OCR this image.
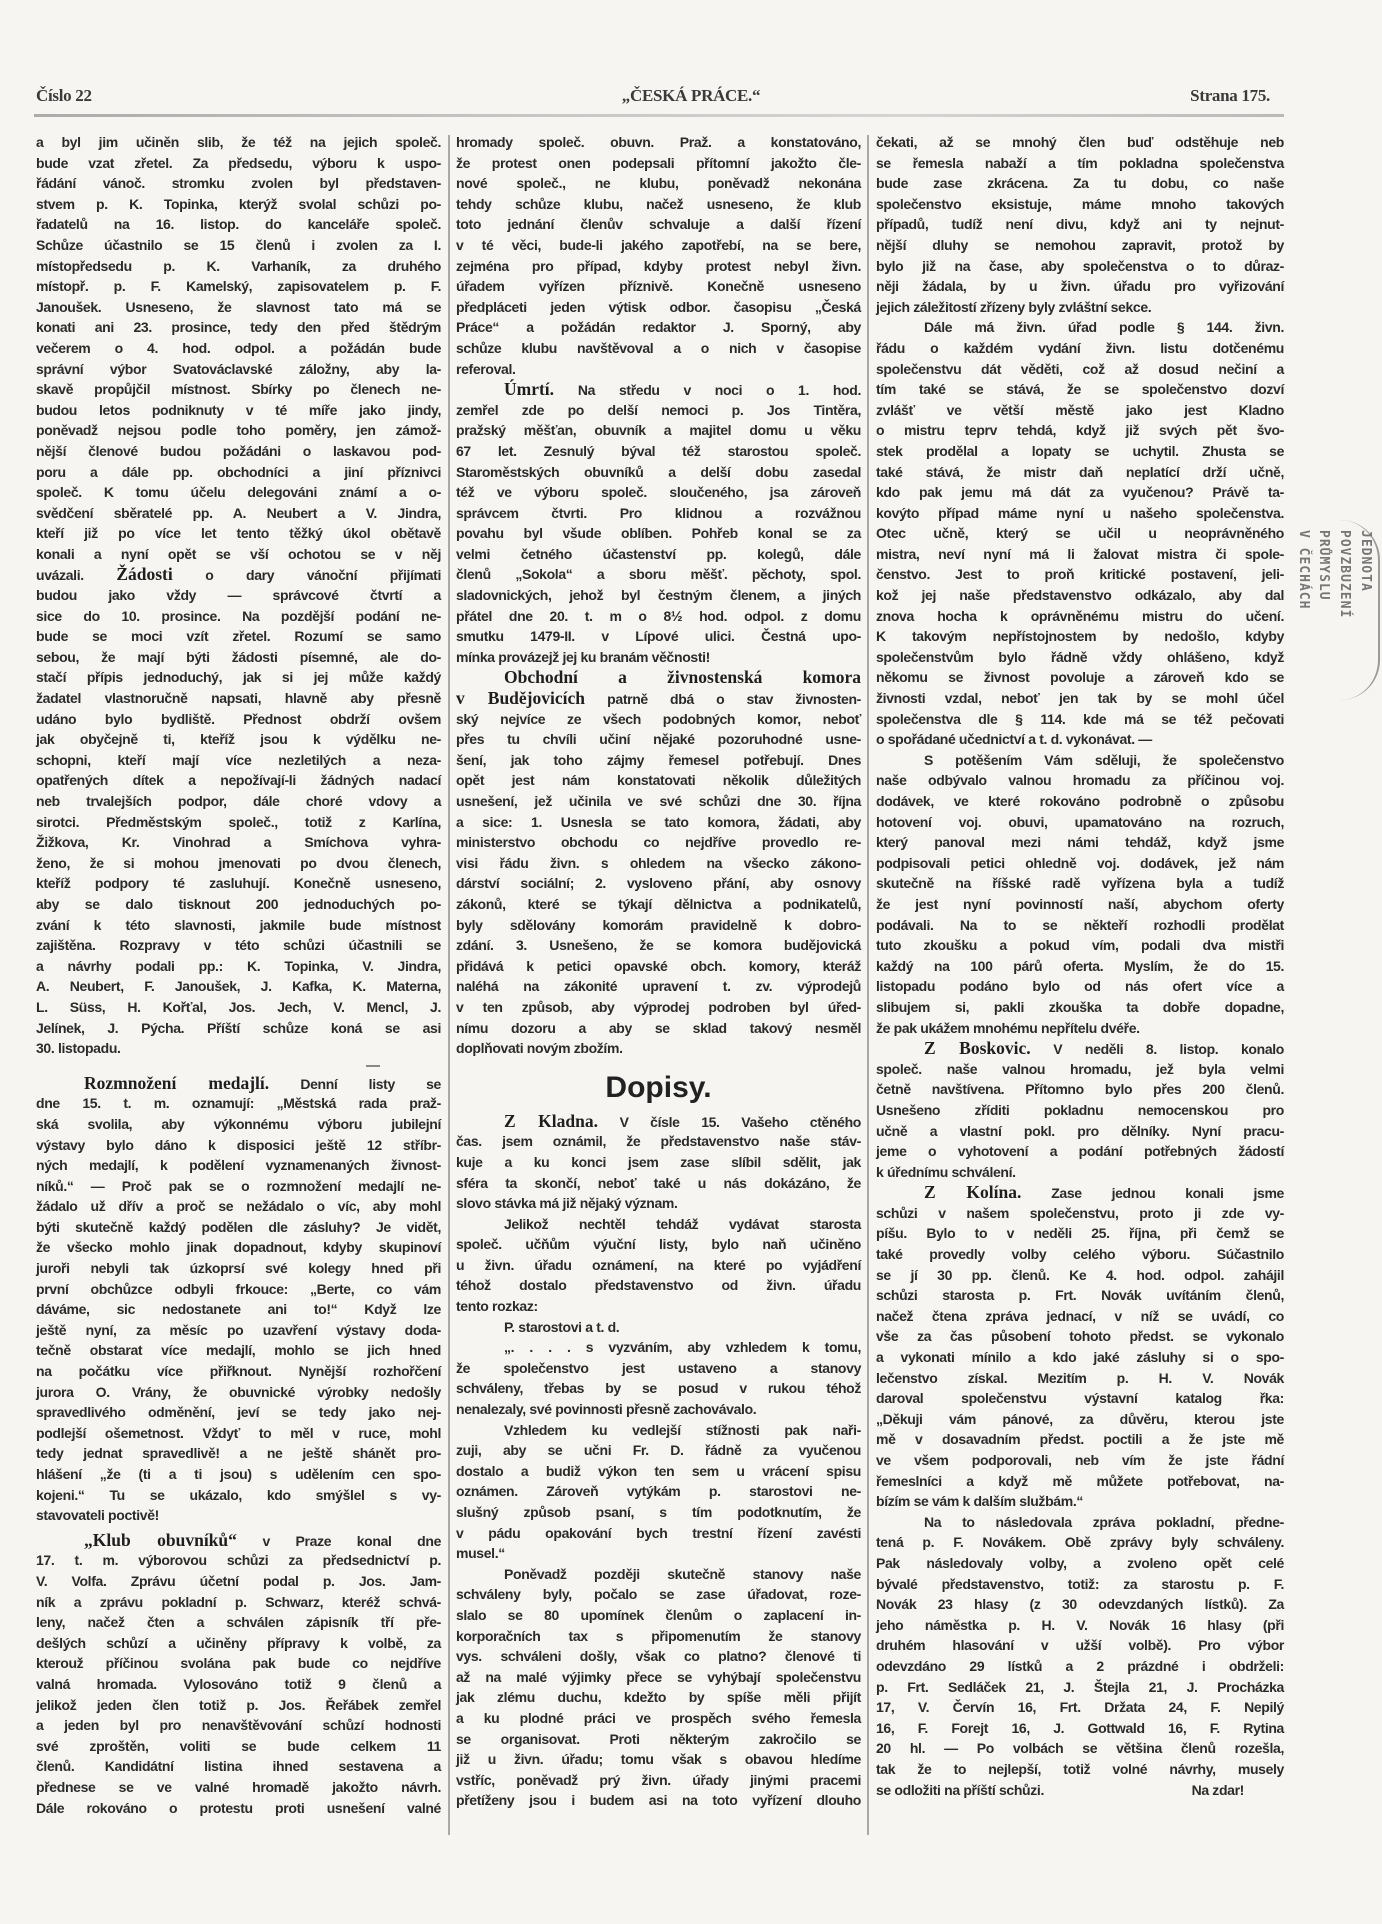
Číslo 22	„ČESKÁ PRÁCE.“	Strana 175.
a byl jim učiněn slib, že též na jejich společ.
bude vzat zřetel. Za předsedu, výboru k uspo-
řádání vánoč. stromku zvolen byl představen-
stvem p. K. Topinka, kterýž svolal schůzi po-
řadatelů na 16. listop. do kanceláře společ.
Schůze účastnilo se 15 členů i zvolen za I.
místopředsedu p. K. Varhaník, za druhého
místopř. p. F. Kamelský, zapisovatelem p. F.
Janoušek. Usneseno, že slavnost tato má se
konati ani 23. prosince, tedy den před štědrým
večerem o 4. hod. odpol. a požádán bude
správní výbor Svatováclavské záložny, aby la-
skavě propůjčil místnost. Sbírky po členech ne-
budou letos podniknuty v té míře jako jindy,
poněvadž nejsou podle toho poměry, jen zámož-
nější členové budou požádáni o laskavou pod-
poru a dále pp. obchodníci a jiní příznivci
společ. K tomu účelu delegováni známí a o-
svědčení sběratelé pp. A. Neubert a V. Jindra,
kteří již po více let tento těžký úkol obětavě
konali a nyní opět se vší ochotou se v něj
uvázali. Žádosti o dary vánoční přijímati
budou jako vždy — správcové čtvrtí a
sice do 10. prosince. Na pozdější podání ne-
bude se moci vzít zřetel. Rozumí se samo
sebou, že mají býti žádosti písemné, ale do-
stačí přípis jednoduchý, jak si jej může každý
žadatel vlastnoručně napsati, hlavně aby přesně
udáno bylo bydliště. Přednost obdrží ovšem
jak obyčejně ti, kteříž jsou k výdělku ne-
schopni, kteří mají více nezletilých a neza-
opatřených dítek a nepožívají-li žádných nadací
neb trvalejších podpor, dále choré vdovy a
sirotci. Předměstským společ., totiž z Karlína,
Žižkova, Kr. Vinohrad a Smíchova vyhra-
ženo, že si mohou jmenovati po dvou členech,
kteříž podpory té zasluhují. Konečně usneseno,
aby se dalo tisknout 200 jednoduchých po-
zvání k této slavnosti, jakmile bude místnost
zajištěna. Rozpravy v této schůzi účastnili se
a návrhy podali pp.: K. Topinka, V. Jindra,
A. Neubert, F. Janoušek, J. Kafka, K. Materna,
L. Süss, H. Kořťal, Jos. Jech, V. Mencl, J.
Jelínek, J. Pýcha. Příští schůze koná se asi
30. listopadu.
Rozmnožení medajlí. Denní listy se
dne 15. t. m. oznamují: „Městská rada praž-
ská svolila, aby výkonnému výboru jubilejní
výstavy bylo dáno k disposici ještě 12 stříbr-
ných medajlí, k podělení vyznamenaných živnost-
níků.“ — Proč pak se o rozmnožení medajlí ne-
žádalo už dřív a proč se nežádalo o víc, aby mohl
býti skutečně každý podělen dle zásluhy? Je vidět,
že všecko mohlo jinak dopadnout, kdyby skupinoví
juroři nebyli tak úzkoprsí své kolegy hned při
první obchůzce odbyli frkouce: „Berte, co vám
dáváme, sic nedostanete ani to!“ Když lze
ještě nyní, za měsíc po uzavření výstavy doda-
tečně obstarat více medajlí, mohlo se jich hned
na počátku více přiřknout. Nynější rozhořčení
jurora O. Vrány, že obuvnické výrobky nedošly
spravedlivého odměnění, jeví se tedy jako nej-
podlejší ošemetnost. Vždyť to měl v ruce, mohl
tedy jednat spravedlivě! a ne ještě shánět pro-
hlášení „že (ti a ti jsou) s udělením cen spo-
kojeni.“ Tu se ukázalo, kdo smýšlel s vy-
stavovateli poctivě!
„Klub obuvníků“ v Praze konal dne
17. t. m. výborovou schůzi za předsednictví p.
V. Volfa. Zprávu účetní podal p. Jos. Jam-
ník a zprávu pokladní p. Schwarz, kteréž schvá-
leny, načež čten a schválen zápisník tří pře-
dešlých schůzí a učiněny přípravy k volbě, za
kterouž příčinou svolána pak bude co nejdříve
valná hromada. Vylosováno totiž 9 členů a
jelikož jeden člen totiž p. Jos. Řeřábek zemřel
a jeden byl pro nenavštěvování schůzí hodnosti
své zproštěn, voliti se bude celkem 11
členů. Kandidátní listina ihned sestavena a
přednese se ve valné hromadě jakožto návrh.
Dále rokováno o protestu proti usnešení valné
hromady společ. obuvn. Praž. a konstatováno,
že protest onen podepsali přítomní jakožto čle-
nové společ., ne klubu, poněvadž nekonána
tehdy schůze klubu, načež usneseno, že klub
toto jednání členův schvaluje a další řízení
v té věci, bude-li jakého zapotřebí, na se bere,
zejména pro případ, kdyby protest nebyl živn.
úřadem vyřízen příznivě. Konečně usneseno
předpláceti jeden výtisk odbor. časopisu „Česká
Práce“ a požádán redaktor J. Sporný, aby
schůze klubu navštěvoval a o nich v časopise
referoval.
Úmrtí. Na středu v noci o 1. hod.
zemřel zde po delší nemoci p. Jos Tintěra,
pražský měšťan, obuvník a majitel domu u věku
67 let. Zesnulý býval též starostou společ.
Staroměstských obuvníků a delší dobu zasedal
též ve výboru společ. sloučeného, jsa zároveň
správcem čtvrti. Pro klidnou a rozvážnou
povahu byl všude oblíben. Pohřeb konal se za
velmi četného účastenství pp. kolegů, dále
členů „Sokola“ a sboru měšť. pěchoty, spol.
sladovnických, jehož byl čestným členem, a jiných
přátel dne 20. t. m o 8½ hod. odpol. z domu
smutku 1479-II. v Lípové ulici. Čestná upo-
mínka provázejž jej ku branám věčnosti!
Obchodní a živnostenská komora
v Budějovicích patrně dbá o stav živnosten-
ský nejvíce ze všech podobných komor, neboť
přes tu chvíli učiní nějaké pozoruhodné usne-
šení, jak toho zájmy řemesel potřebují. Dnes
opět jest nám konstatovati několik důležitých
usnešení, jež učinila ve své schůzi dne 30. října
a sice: 1. Usnesla se tato komora, žádati, aby
ministerstvo obchodu co nejdříve provedlo re-
visi řádu živn. s ohledem na všecko zákono-
dárství sociální; 2. vysloveno přání, aby osnovy
zákonů, které se týkají dělnictva a podnikatelů,
byly sdělovány komorám pravidelně k dobro-
zdání. 3. Usnešeno, že se komora budějovická
přidává k petici opavské obch. komory, kteráž
naléhá na zákonité upravení t. zv. výprodejů
v ten způsob, aby výprodej podroben byl úřed-
nímu dozoru a aby se sklad takový nesměl
doplňovati novým zbožím.
Dopisy.
Z Kladna. V čísle 15. Vašeho ctěného
čas. jsem oznámil, že představenstvo naše stáv-
kuje a ku konci jsem zase slíbil sdělit, jak
sféra ta skončí, neboť také u nás dokázáno, že
slovo stávka má již nějaký význam.
Jelikož nechtěl tehdáž vydávat starosta
společ. učňům výuční listy, bylo naň učiněno
u živn. úřadu oznámení, na které po vyjádření
téhož dostalo představenstvo od živn. úřadu
tento rozkaz:
P. starostovi a t. d.
„. . . . s vyzváním, aby vzhledem k tomu,
že společenstvo jest ustaveno a stanovy
schváleny, třebas by se posud v rukou téhož
nenalezaly, své povinnosti přesně zachovávalo.
Vzhledem ku vedlejší stížnosti pak naři-
zuji, aby se učni Fr. D. řádně za vyučenou
dostalo a budiž výkon ten sem u vrácení spisu
oznámen. Zároveň vytýkám p. starostovi ne-
slušný způsob psaní, s tím podotknutím, že
v pádu opakování bych trestní řízení zavésti
musel.“
Poněvadž později skutečně stanovy naše
schváleny byly, počalo se zase úřadovat, roze-
slalo se 80 upomínek členům o zaplacení in-
korporačních tax s připomenutím že stanovy
vys. schváleni došly, však co platno? členové ti
až na malé výjimky přece se vyhýbají společenstvu
jak zlému duchu, kdežto by spíše měli přijít
a ku plodné práci ve prospěch svého řemesla
se organisovat. Proti některým zakročilo se
již u živn. úřadu; tomu však s obavou hledíme
vstříc, poněvadž prý živn. úřady jinými pracemi
přetíženy jsou i budem asi na toto vyřízení dlouho
čekati, až se mnohý člen buď odstěhuje neb
se řemesla nabaží a tím pokladna společenstva
bude zase zkrácena. Za tu dobu, co naše
společenstvo eksistuje, máme mnoho takových
případů, tudíž není divu, když ani ty nejnut-
nější dluhy se nemohou zapravit, protož by
bylo již na čase, aby společenstva o to důraz-
něji žádala, by u živn. úřadu pro vyřizování
jejich záležitostí zřízeny byly zvláštní sekce.
Dále má živn. úřad podle § 144. živn.
řádu o každém vydání živn. listu dotčenému
společenstvu dát věděti, což až dosud nečiní a
tím také se stává, že se společenstvo dozví
zvlášť ve větší městě jako jest Kladno
o mistru teprv tehdá, když již svých pět švo-
stek prodělal a lopaty se uchytil. Zhusta se
také stává, že mistr daň neplatící drží učně,
kdo pak jemu má dát za vyučenou? Právě ta-
kovýto případ máme nyní u našeho společenstva.
Otec učně, který se učil u neoprávněného
mistra, neví nyní má li žalovat mistra či spole-
čenstvo. Jest to proň kritické postavení, jeli-
kož jej naše představenstvo odkázalo, aby dal
znova hocha k oprávněnému mistru do učení.
K takovým nepřístojnostem by nedošlo, kdyby
společenstvům bylo řádně vždy ohlášeno, když
někomu se živnost povoluje a zároveň kdo se
živnosti vzdal, neboť jen tak by se mohl účel
společenstva dle § 114. kde má se též pečovati
o spořádané učednictví a t. d. vykonávat. —
S potěšením Vám sděluji, že společenstvo
naše odbývalo valnou hromadu za příčinou voj.
dodávek, ve které rokováno podrobně o způsobu
hotovení voj. obuvi, upamatováno na rozruch,
který panoval mezi námi tehdáž, když jsme
podpisovali petici ohledně voj. dodávek, jež nám
skutečně na říšské radě vyřízena byla a tudíž
že jest nyní povinností naší, abychom oferty
podávali. Na to se někteří rozhodli prodělat
tuto zkoušku a pokud vím, podali dva mistři
každý na 100 párů oferta. Myslím, že do 15.
listopadu podáno bylo od nás ofert více a
slibujem si, pakli zkouška ta dobře dopadne,
že pak ukážem mnohému nepřítelu dvéře.
Z Boskovic. V neděli 8. listop. konalo
společ. naše valnou hromadu, jež byla velmi
četně navštívena. Přítomno bylo přes 200 členů.
Usnešeno zříditi pokladnu nemocenskou pro
učně a vlastní pokl. pro dělníky. Nyní pracu-
jeme o vyhotovení a podání potřebných žádostí
k úřednímu schválení.
Z Kolína. Zase jednou konali jsme
schůzi v našem společenstvu, proto ji zde vy-
píšu. Bylo to v neděli 25. října, při čemž se
také provedly volby celého výboru. Súčastnilo
se jí 30 pp. členů. Ke 4. hod. odpol. zahájil
schůzi starosta p. Frt. Novák uvítáním členů,
načež čtena zpráva jednací, v níž se uvádí, co
vše za čas působení tohoto předst. se vykonalo
a vykonati mínilo a kdo jaké zásluhy si o spo-
lečenstvo získal. Mezitím p. H. V. Novák
daroval společenstvu výstavní katalog řka:
„Děkuji vám pánové, za důvěru, kterou jste
mě v dosavadním předst. poctili a že jste mě
ve všem podporovali, neb vím že jste řádní
řemeslníci a když mě můžete potřebovat, na-
bízím se vám k dalším službám.“
Na to následovala zpráva pokladní, předne-
tená p. F. Novákem. Obě zprávy byly schváleny.
Pak následovaly volby, a zvoleno opět celé
bývalé představenstvo, totiž: za starostu p. F.
Novák 23 hlasy (z 30 odevzdaných lístků). Za
jeho náměstka p. H. V. Novák 16 hlasy (při
druhém hlasování v užší volbě). Pro výbor
odevzdáno 29 lístků a 2 prázdné i obdrželi:
p. Frt. Sedláček 21, J. Štejla 21, J. Procházka
17, V. Červín 16, Frt. Držata 24, F. Nepilý
16, F. Forejt 16, J. Gottwald 16, F. Rytina
20 hl. — Po volbách se většina členů rozešla,
tak že to nejlepší, totiž volné návrhy, musely
se odložiti na příští schůzi.	Na zdar!
JEDNOTA
POVZBUZENÍ
PRŮMYSLU
V ČECHÁCH
